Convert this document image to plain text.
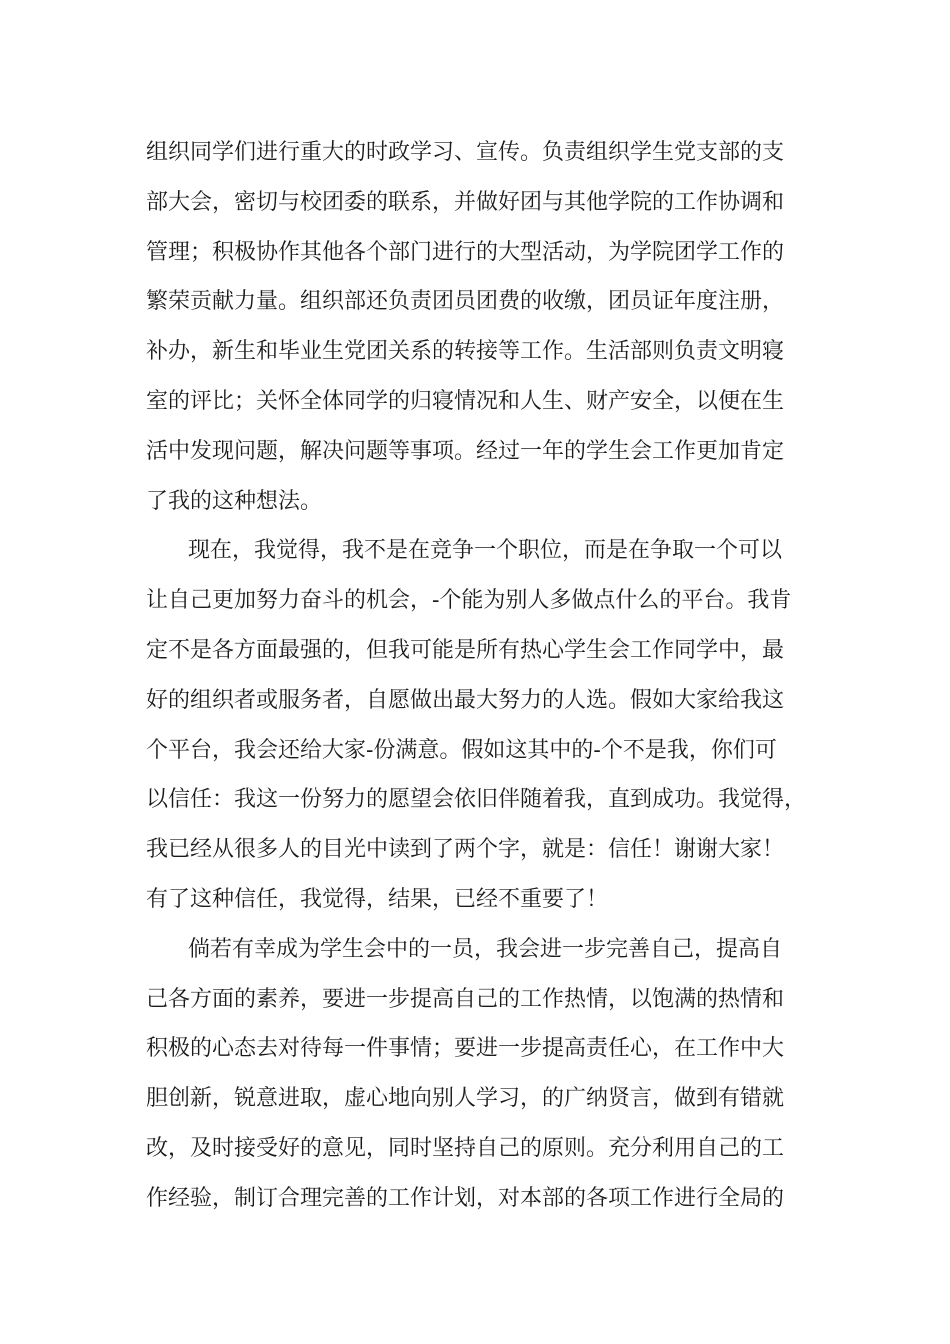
组织同学们进行重大的时政学习、宣传。负责组织学生党支部的支
部大会，密切与校团委的联系，并做好团与其他学院的工作协调和
管理；积极协作其他各个部门进行的大型活动，为学院团学工作的
繁荣贡献力量。组织部还负责团员团费的收缴，团员证年度注册，
补办，新生和毕业生党团关系的转接等工作。生活部则负责文明寝
室的评比；关怀全体同学的归寝情况和人生、财产安全，以便在生
活中发现问题，解决问题等事项。经过一年的学生会工作更加肯定
了我的这种想法。
现在，我觉得，我不是在竞争一个职位，而是在争取一个可以
让自己更加努力奋斗的机会，-个能为别人多做点什么的平台。我肯
定不是各方面最强的，但我可能是所有热心学生会工作同学中，最
好的组织者或服务者，自愿做出最大努力的人选。假如大家给我这
个平台，我会还给大家-份满意。假如这其中的-个不是我，你们可
以信任：我这一份努力的愿望会依旧伴随着我，直到成功。我觉得，
我已经从很多人的目光中读到了两个字，就是：信任！谢谢大家！
有了这种信任，我觉得，结果，已经不重要了！
倘若有幸成为学生会中的一员，我会进一步完善自己，提高自
己各方面的素养，要进一步提高自己的工作热情，以饱满的热情和
积极的心态去对待每一件事情；要进一步提高责任心，在工作中大
胆创新，锐意进取，虚心地向别人学习，的广纳贤言，做到有错就
改，及时接受好的意见，同时坚持自己的原则。充分利用自己的工
作经验，制订合理完善的工作计划，对本部的各项工作进行全局的
